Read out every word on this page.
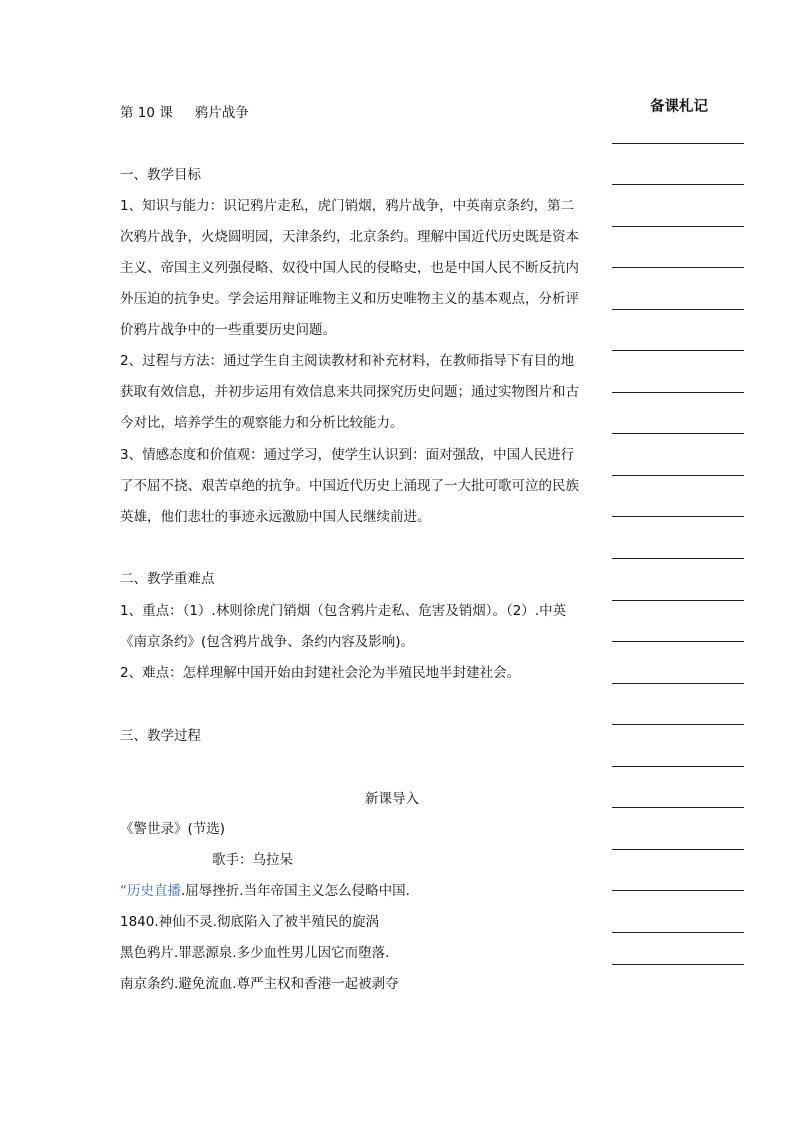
第 10 课 鸦片战争	备课札记
一、教学目标
1、知识与能力：识记鸦片走私，虎门销烟，鸦片战争，中英南京条约，第二
次鸦片战争，火烧圆明园，天津条约，北京条约。理解中国近代历史既是资本
主义、帝国主义列强侵略、奴役中国人民的侵略史，也是中国人民不断反抗内
外压迫的抗争史。学会运用辩证唯物主义和历史唯物主义的基本观点，分析评
价鸦片战争中的一些重要历史问题。
2、过程与方法：通过学生自主阅读教材和补充材料，在教师指导下有目的地
获取有效信息，并初步运用有效信息来共同探究历史问题；通过实物图片和古
今对比，培养学生的观察能力和分析比较能力。
3、情感态度和价值观：通过学习，使学生认识到：面对强敌，中国人民进行
了不屈不挠、艰苦卓绝的抗争。中国近代历史上涌现了一大批可歌可泣的民族
英雄，他们悲壮的事迹永远激励中国人民继续前进。
二、教学重难点
1、重点：（1）.林则徐虎门销烟（包含鸦片走私、危害及销烟）。（2）.中英
《南京条约》(包含鸦片战争、条约内容及影响)。
2、难点：怎样理解中国开始由封建社会沦为半殖民地半封建社会。
三、教学过程
新课导入
《警世录》(节选)
歌手：乌拉呆
“历史直播.屈辱挫折.当年帝国主义怎么侵略中国.
1840.神仙不灵.彻底陷入了被半殖民的旋涡
黑色鸦片.罪恶源泉.多少血性男儿因它而堕落.
南京条约.避免流血.尊严主权和香港一起被剥夺
